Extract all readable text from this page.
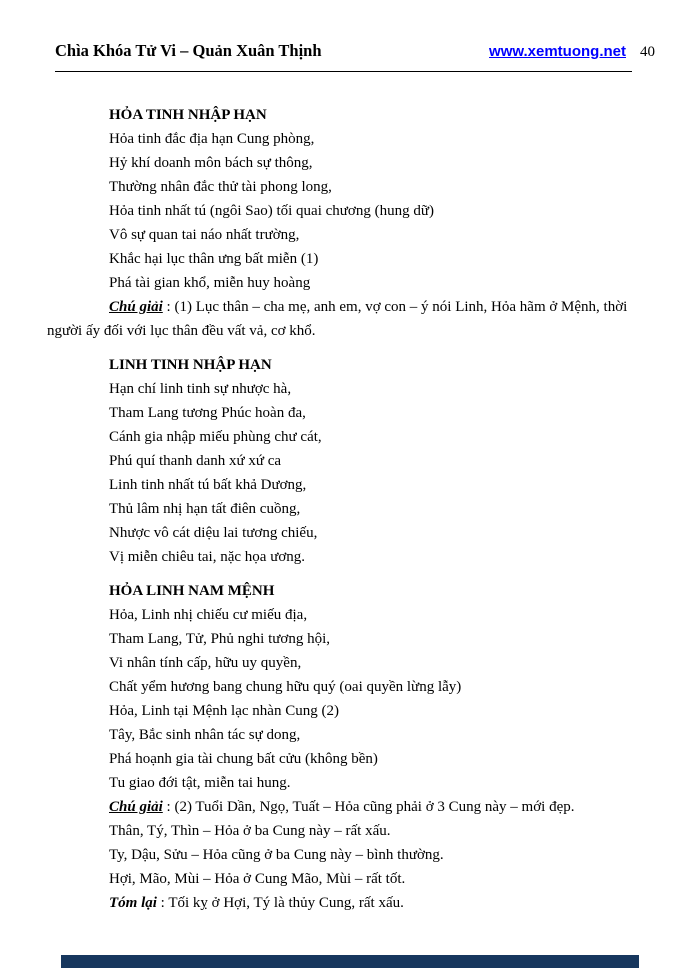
Chìa Khóa Tử Vi – Quản Xuân Thịnh	www.xemtuong.net 40
HỎA TINH NHẬP HẠN
Hỏa tinh đắc địa hạn Cung phòng,
Hỷ khí doanh môn bách sự thông,
Thường nhân đắc thử tài phong long,
Hỏa tinh nhất tú (ngôi Sao) tối quai chương (hung dữ)
Vô sự quan tai náo nhất trường,
Khắc hại lục thân ưng bất miễn (1)
Phá tài gian khổ, miễn huy hoàng
Chú giải : (1) Lục thân – cha mẹ, anh em, vợ con – ý nói Linh, Hỏa hãm ở Mệnh, thời người ấy đối với lục thân đều vất vả, cơ khổ.
LINH TINH NHẬP HẠN
Hạn chí linh tinh sự nhược hà,
Tham Lang tương Phúc hoàn đa,
Cánh gia nhập miếu phùng chư cát,
Phú quí thanh danh xứ xứ ca
Linh tinh nhất tú bất khả Dương,
Thủ lâm nhị hạn tất điên cuồng,
Nhược vô cát diệu lai tương chiếu,
Vị miễn chiêu tai, nặc họa ương.
HỎA LINH NAM MỆNH
Hỏa, Linh nhị chiếu cư miếu địa,
Tham Lang, Tử, Phủ nghi tương hội,
Vi nhân tính cấp, hữu uy quyền,
Chất yểm hương bang chung hữu quý (oai quyền lừng lẫy)
Hỏa, Linh tại Mệnh lạc nhàn Cung (2)
Tây, Bắc sinh nhân tác sự dong,
Phá hoạnh gia tài chung bất cửu (không bền)
Tu giao đới tật, miễn tai hung.
Chú giải : (2) Tuổi Dần, Ngọ, Tuất – Hỏa cũng phải ở 3 Cung này – mới đẹp.
Thân, Tý, Thìn – Hỏa ở ba Cung này – rất xấu.
Ty, Dậu, Sửu – Hỏa cũng ở ba Cung này – bình thường.
Hợi, Mão, Mùi – Hỏa ở Cung Mão, Mùi – rất tốt.
Tóm lại : Tối kỵ ở Hợi, Tý là thủy Cung, rất xấu.
